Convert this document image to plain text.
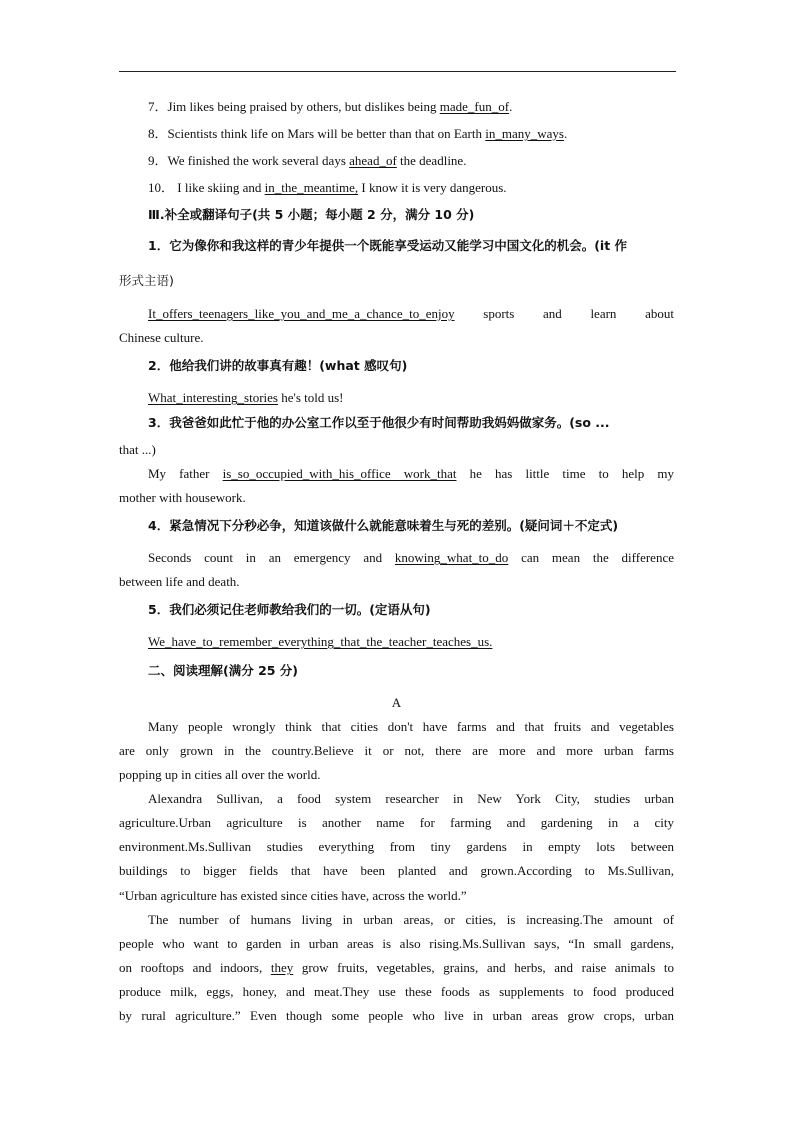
7．Jim likes being praised by others, but dislikes being made_fun_of.
8．Scientists think life on Mars will be better than that on Earth in_many_ways.
9．We finished the work several days ahead_of the deadline.
10． I like skiing and in_the_meantime, I know it is very dangerous.
Ⅲ.补全或翻译句子(共 5 小题；每小题 2 分，满分 10 分)
1．它为像你和我这样的青少年提供一个既能享受运动又能学习中国文化的机会。(it 作
形式主语)
It_offers_teenagers_like_you_and_me_a_chance_to_enjoy sports and learn about
Chinese culture.
2．他给我们讲的故事真有趣！(what 感叹句)
What_interesting_stories he's told us!
3．我爸爸如此忙于他的办公室工作以至于他很少有时间帮助我妈妈做家务。(so ...
that ...)
My father is_so_occupied_with_his_office work_that he has little time to help my
mother with housework.
4．紧急情况下分秒必争，知道该做什么就能意味着生与死的差别。(疑问词＋不定式)
Seconds count in an emergency and knowing_what_to_do can mean the difference
between life and death.
5．我们必须记住老师教给我们的一切。(定语从句)
We_have_to_remember_everything_that_the_teacher_teaches_us.
二、阅读理解(满分 25 分)
A
Many people wrongly think that cities don't have farms and that fruits and vegetables
are only grown in the country.Believe it or not, there are more and more urban farms
popping up in cities all over the world.
Alexandra Sullivan, a food system researcher in New York City, studies urban
agriculture.Urban agriculture is another name for farming and gardening in a city
environment.Ms.Sullivan studies everything from tiny gardens in empty lots between
buildings to bigger fields that have been planted and grown.According to Ms.Sullivan,
“Urban agriculture has existed since cities have, across the world.”
The number of humans living in urban areas, or cities, is increasing.The amount of
people who want to garden in urban areas is also rising.Ms.Sullivan says, “In small gardens,
on rooftops and indoors, they grow fruits, vegetables, grains, and herbs, and raise animals to
produce milk, eggs, honey, and meat.They use these foods as supplements to food produced
by rural agriculture.” Even though some people who live in urban areas grow crops, urban
